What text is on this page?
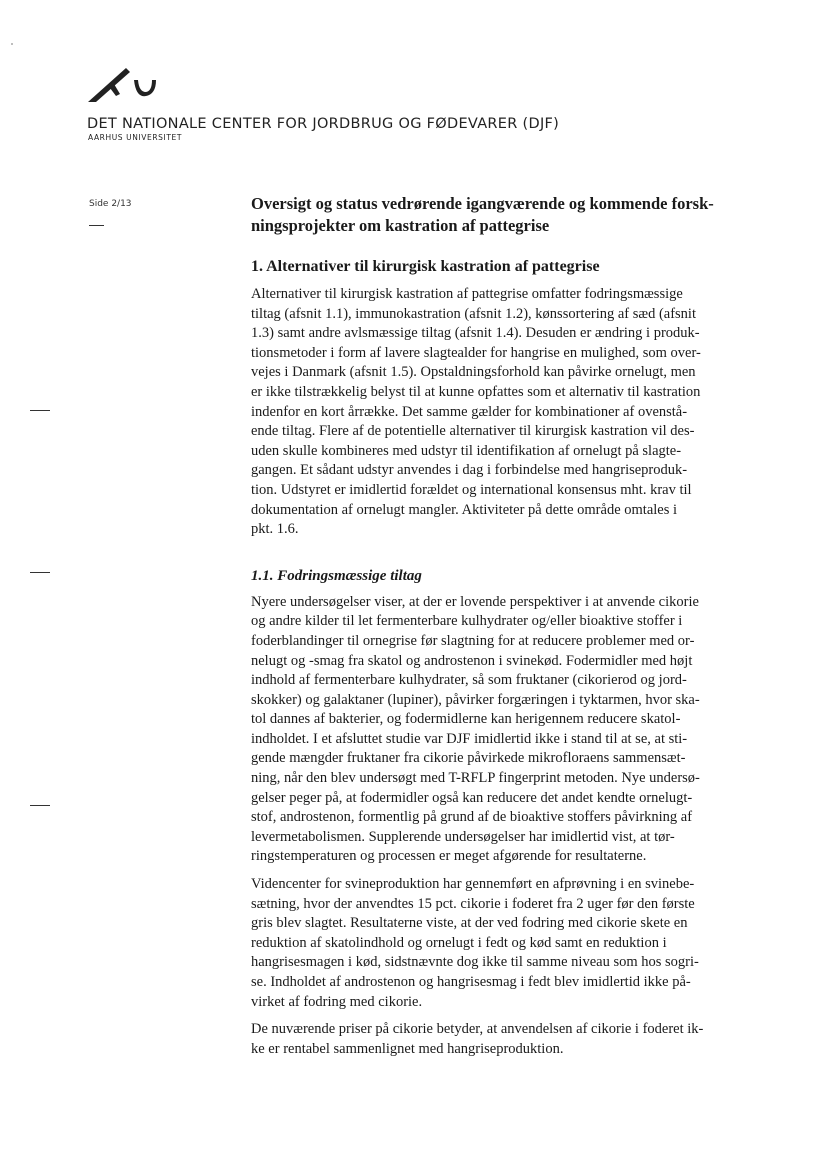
DET NATIONALE CENTER FOR JORDBRUG OG FØDEVARER (DJF)
AARHUS UNIVERSITET
Side 2/13	Oversigt og status vedrørende igangværende og kommende forsk-
ningsprojekter om kastration af pattegrise
1. Alternativer til kirurgisk kastration af pattegrise

Alternativer til kirurgisk kastration af pattegrise omfatter fodringsmæssige
tiltag (afsnit 1.1), immunokastration (afsnit 1.2), kønssortering af sæd (afsnit
1.3) samt andre avlsmæssige tiltag (afsnit 1.4). Desuden er ændring i produk-
tionsmetoder i form af lavere slagtealder for hangrise en mulighed, som over-
vejes i Danmark (afsnit 1.5). Opstaldningsforhold kan påvirke ornelugt, men
er ikke tilstrækkelig belyst til at kunne opfattes som et alternativ til kastration
indenfor en kort årrække. Det samme gælder for kombinationer af ovenstå-
ende tiltag. Flere af de potentielle alternativer til kirurgisk kastration vil des-
uden skulle kombineres med udstyr til identifikation af ornelugt på slagte-
gangen. Et sådant udstyr anvendes i dag i forbindelse med hangriseproduk-
tion. Udstyret er imidlertid forældet og international konsensus mht. krav til
dokumentation af ornelugt mangler. Aktiviteter på dette område omtales i
pkt. 1.6.

1.1. Fodringsmæssige tiltag

Nyere undersøgelser viser, at der er lovende perspektiver i at anvende cikorie
og andre kilder til let fermenterbare kulhydrater og/eller bioaktive stoffer i
foderblandinger til ornegrise før slagtning for at reducere problemer med or-
nelugt og -smag fra skatol og androstenon i svinekød. Fodermidler med højt
indhold af fermenterbare kulhydrater, så som fruktaner (cikorierod og jord-
skokker) og galaktaner (lupiner), påvirker forgæringen i tyktarmen, hvor ska-
tol dannes af bakterier, og fodermidlerne kan herigennem reducere skatol-
indholdet. I et afsluttet studie var DJF imidlertid ikke i stand til at se, at sti-
gende mængder fruktaner fra cikorie påvirkede mikrofloraens sammensæt-
ning, når den blev undersøgt med T-RFLP fingerprint metoden. Nye undersø-
gelser peger på, at fodermidler også kan reducere det andet kendte ornelugt-
stof, androstenon, formentlig på grund af de bioaktive stoffers påvirkning af
levermetabolismen. Supplerende undersøgelser har imidlertid vist, at tør-
ringstemperaturen og processen er meget afgørende for resultaterne.

Videncenter for svineproduktion har gennemført en afprøvning i en svinebe-
sætning, hvor der anvendtes 15 pct. cikorie i foderet fra 2 uger før den første
gris blev slagtet. Resultaterne viste, at der ved fodring med cikorie skete en
reduktion af skatolindhold og ornelugt i fedt og kød samt en reduktion i
hangrisesmagen i kød, sidstnævnte dog ikke til samme niveau som hos sogri-
se. Indholdet af androstenon og hangrisesmag i fedt blev imidlertid ikke på-
virket af fodring med cikorie.

De nuværende priser på cikorie betyder, at anvendelsen af cikorie i foderet ik-
ke er rentabel sammenlignet med hangriseproduktion.
